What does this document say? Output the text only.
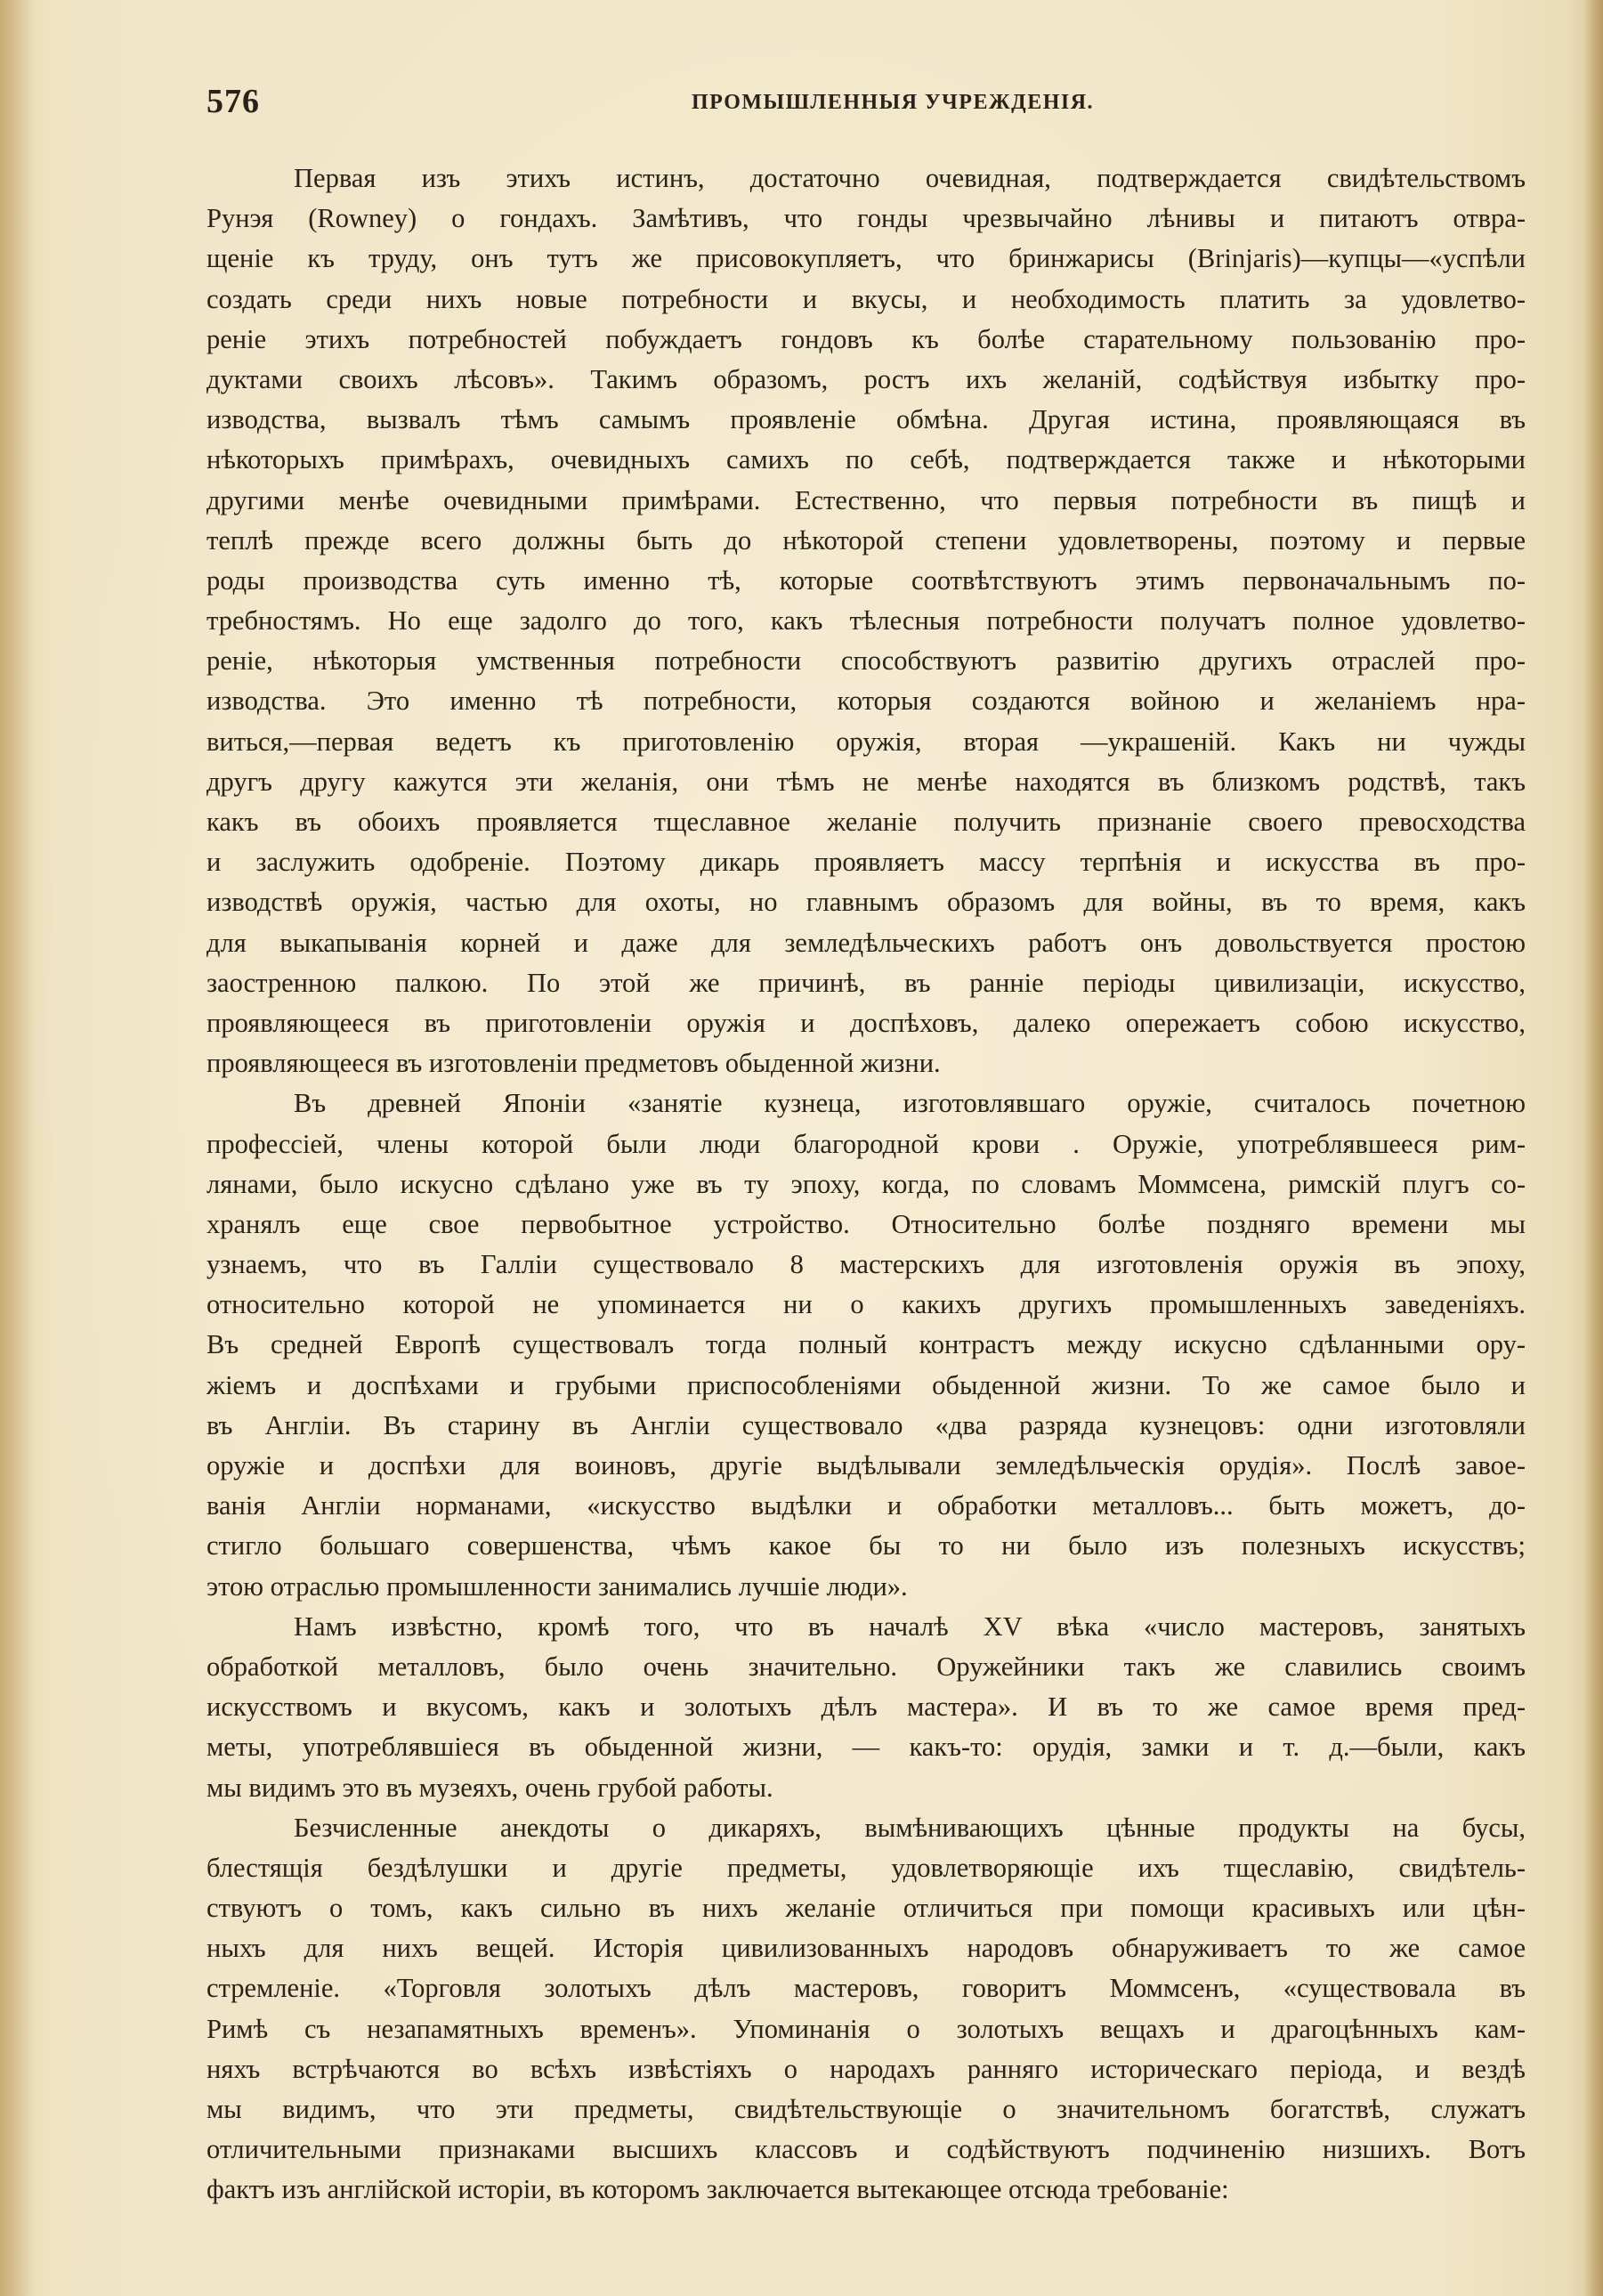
576	ПРОМЫШЛЕННЫЯ УЧРЕЖДЕНІЯ.
Первая изъ этихъ истинъ, достаточно очевидная, подтверждается свидѣтельствомъ
Рунэя (Rowney) о гондахъ. Замѣтивъ, что гонды чрезвычайно лѣнивы и питаютъ отвра-
щеніе къ труду, онъ тутъ же присовокупляетъ, что бринжарисы (Brinjaris)—купцы—«успѣли
создать среди нихъ новые потребности и вкусы, и необходимость платить за удовлетво-
реніе этихъ потребностей побуждаетъ гондовъ къ болѣе старательному пользованію про-
дуктами своихъ лѣсовъ». Такимъ образомъ, ростъ ихъ желаній, содѣйствуя избытку про-
изводства, вызвалъ тѣмъ самымъ проявленіе обмѣна. Другая истина, проявляющаяся въ
нѣкоторыхъ примѣрахъ, очевидныхъ самихъ по себѣ, подтверждается также и нѣкоторыми
другими менѣе очевидными примѣрами. Естественно, что первыя потребности въ пищѣ и
теплѣ прежде всего должны быть до нѣкоторой степени удовлетворены, поэтому и первые
роды производства суть именно тѣ, которые соотвѣтствуютъ этимъ первоначальнымъ по-
требностямъ. Но еще задолго до того, какъ тѣлесныя потребности получатъ полное удовлетво-
реніе, нѣкоторыя умственныя потребности способствуютъ развитію другихъ отраслей про-
изводства. Это именно тѣ потребности, которыя создаются войною и желаніемъ нра-
виться,—первая ведетъ къ приготовленію оружія, вторая —украшеній. Какъ ни чужды
другъ другу кажутся эти желанія, они тѣмъ не менѣе находятся въ близкомъ родствѣ, такъ
какъ въ обоихъ проявляется тщеславное желаніе получить признаніе своего превосходства
и заслужить одобреніе. Поэтому дикарь проявляетъ массу терпѣнія и искусства въ про-
изводствѣ оружія, частью для охоты, но главнымъ образомъ для войны, въ то время, какъ
для выкапыванія корней и даже для земледѣльческихъ работъ онъ довольствуется простою
заостренною палкою. По этой же причинѣ, въ ранніе періоды цивилизаціи, искусство,
проявляющееся въ приготовленіи оружія и доспѣховъ, далеко опережаетъ собою искусство,
проявляющееся въ изготовленіи предметовъ обыденной жизни.
Въ древней Японіи «занятіе кузнеца, изготовлявшаго оружіе, считалось почетною
профессіей, члены которой были люди благородной крови . Оружіе, употреблявшееся рим-
лянами, было искусно сдѣлано уже въ ту эпоху, когда, по словамъ Моммсена, римскій плугъ со-
хранялъ еще свое первобытное устройство. Относительно болѣе поздняго времени мы
узнаемъ, что въ Галліи существовало 8 мастерскихъ для изготовленія оружія въ эпоху,
относительно которой не упоминается ни о какихъ другихъ промышленныхъ заведеніяхъ.
Въ средней Европѣ существовалъ тогда полный контрастъ между искусно сдѣланными ору-
жіемъ и доспѣхами и грубыми приспособленіями обыденной жизни. То же самое было и
въ Англіи. Въ старину въ Англіи существовало «два разряда кузнецовъ: одни изготовляли
оружіе и доспѣхи для воиновъ, другіе выдѣлывали земледѣльческія орудія». Послѣ завое-
ванія Англіи норманами, «искусство выдѣлки и обработки металловъ... быть можетъ, до-
стигло большаго совершенства, чѣмъ какое бы то ни было изъ полезныхъ искусствъ;
этою отраслью промышленности занимались лучшіе люди».
Намъ извѣстно, кромѣ того, что въ началѣ XV вѣка «число мастеровъ, занятыхъ
обработкой металловъ, было очень значительно. Оружейники такъ же славились своимъ
искусствомъ и вкусомъ, какъ и золотыхъ дѣлъ мастера». И въ то же самое время пред-
меты, употреблявшіеся въ обыденной жизни, — какъ-то: орудія, замки и т. д.—были, какъ
мы видимъ это въ музеяхъ, очень грубой работы.
Безчисленные анекдоты о дикаряхъ, вымѣнивающихъ цѣнные продукты на бусы,
блестящія бездѣлушки и другіе предметы, удовлетворяющіе ихъ тщеславію, свидѣтель-
ствуютъ о томъ, какъ сильно въ нихъ желаніе отличиться при помощи красивыхъ или цѣн-
ныхъ для нихъ вещей. Исторія цивилизованныхъ народовъ обнаруживаетъ то же самое
стремленіе. «Торговля золотыхъ дѣлъ мастеровъ, говоритъ Моммсенъ, «существовала въ
Римѣ съ незапамятныхъ временъ». Упоминанія о золотыхъ вещахъ и драгоцѣнныхъ кам-
няхъ встрѣчаются во всѣхъ извѣстіяхъ о народахъ ранняго историческаго періода, и вездѣ
мы видимъ, что эти предметы, свидѣтельствующіе о значительномъ богатствѣ, служатъ
отличительными признаками высшихъ классовъ и содѣйствуютъ подчиненію низшихъ. Вотъ
фактъ изъ англійской исторіи, въ которомъ заключается вытекающее отсюда требованіе:
